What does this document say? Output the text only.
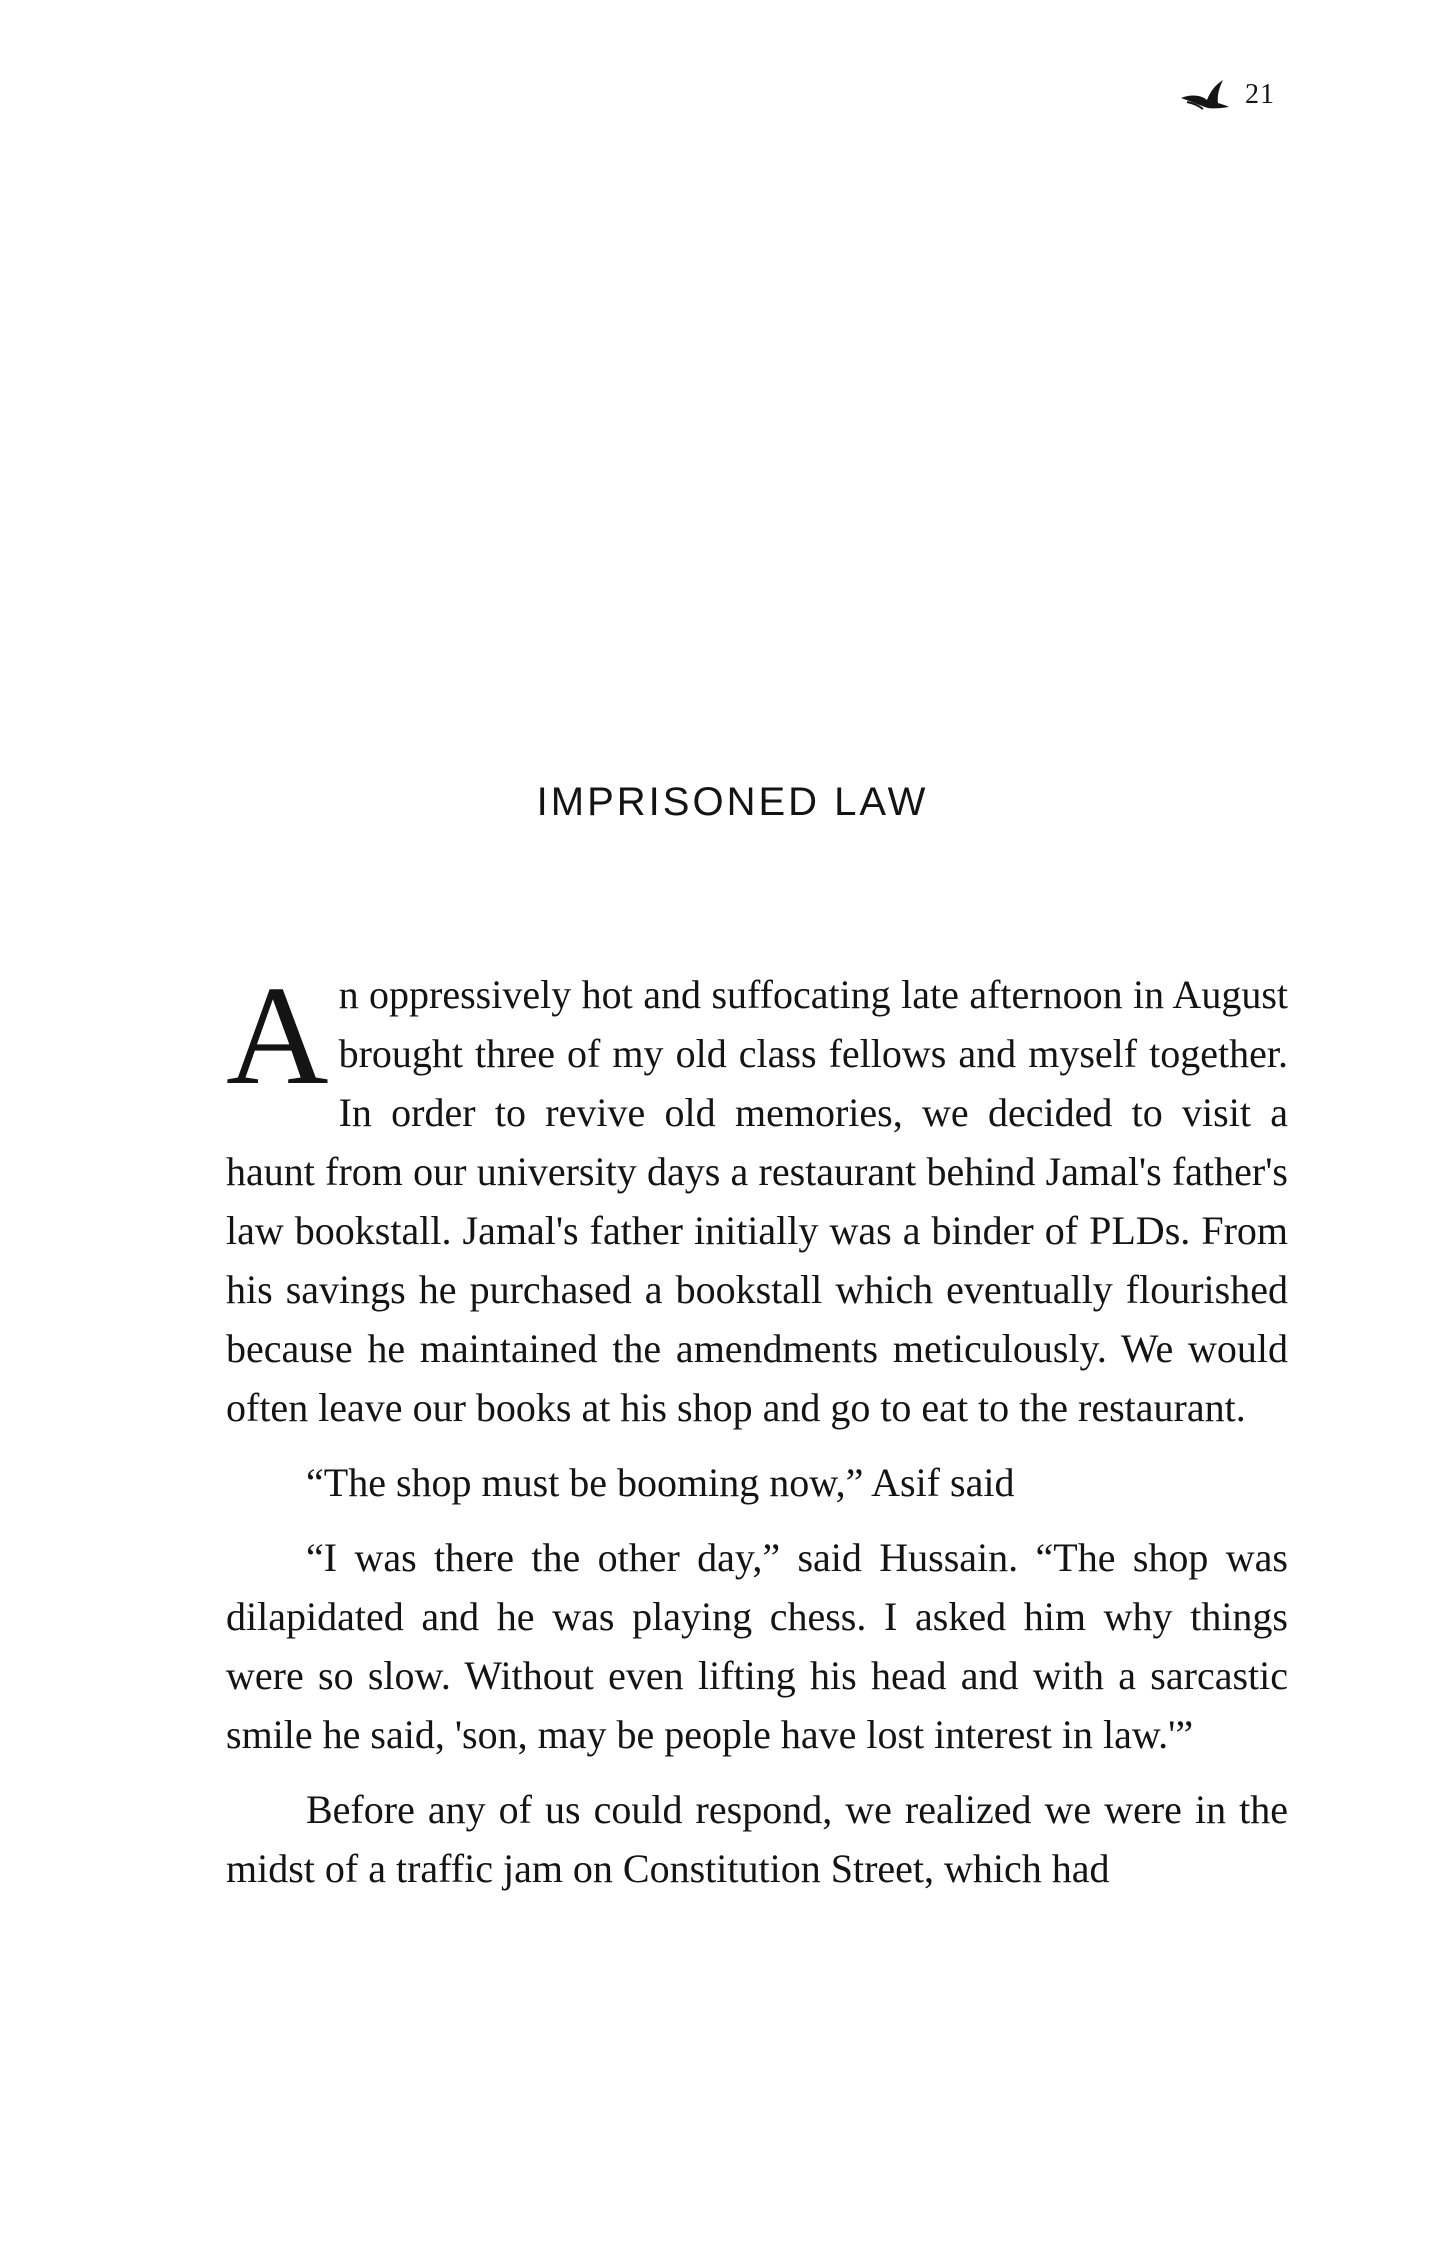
21
IMPRISONED LAW

A n oppressively hot and suffocating late afternoon in August brought three of my old class fellows and myself together. In order to revive old memories, we decided to visit a haunt from our university days a restaurant behind Jamal's father's law bookstall. Jamal's father initially was a binder of PLDs. From his savings he purchased a bookstall which eventually flourished because he maintained the amendments meticulously. We would often leave our books at his shop and go to eat to the restaurant.

“The shop must be booming now,” Asif said

“I was there the other day,” said Hussain. “The shop was dilapidated and he was playing chess. I asked him why things were so slow. Without even lifting his head and with a sarcastic smile he said, 'son, may be people have lost interest in law.'”

Before any of us could respond, we realized we were in the midst of a traffic jam on Constitution Street, which had
